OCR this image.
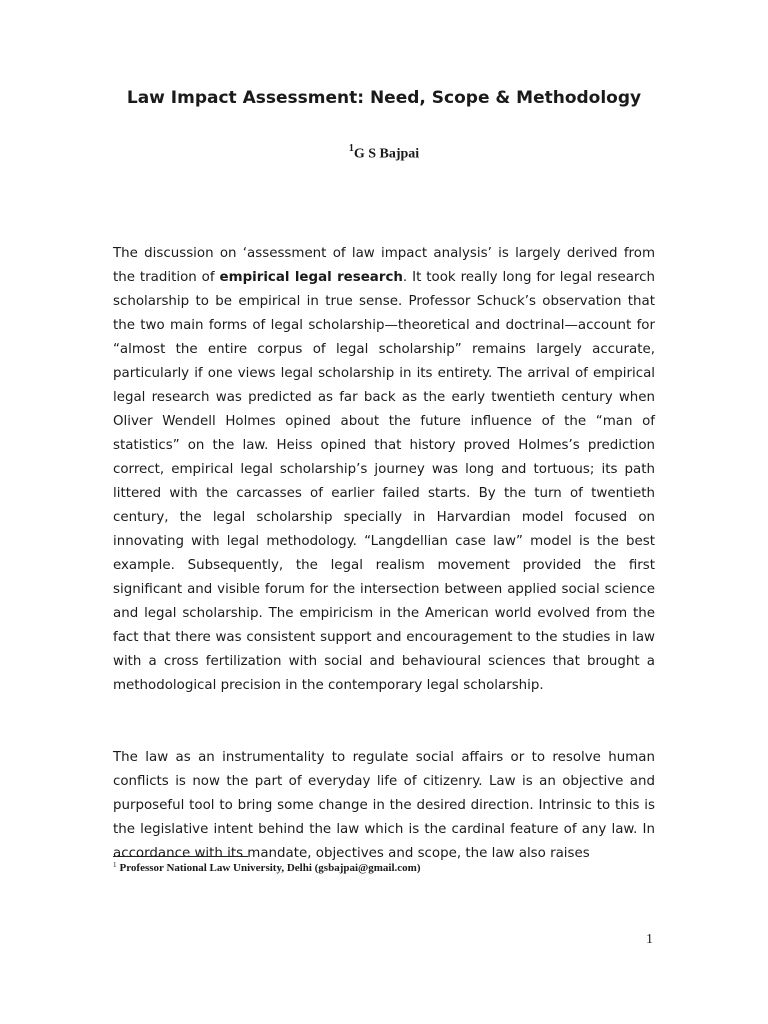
Law Impact Assessment: Need, Scope & Methodology
$^1$G S Bajpai

The discussion on ‘assessment of law impact analysis’ is largely derived from the tradition of empirical legal research. It took really long for legal research scholarship to be empirical in true sense. Professor Schuck’s observation that the two main forms of legal scholarship—theoretical and doctrinal—account for “almost the entire corpus of legal scholarship” remains largely accurate, particularly if one views legal scholarship in its entirety. The arrival of empirical legal research was predicted as far back as the early twentieth century when Oliver Wendell Holmes opined about the future influence of the “man of statistics” on the law. Heiss opined that history proved Holmes’s prediction correct, empirical legal scholarship’s journey was long and tortuous; its path littered with the carcasses of earlier failed starts. By the turn of twentieth century, the legal scholarship specially in Harvardian model focused on innovating with legal methodology. “Langdellian case law” model is the best example. Subsequently, the legal realism movement provided the first significant and visible forum for the intersection between applied social science and legal scholarship. The empiricism in the American world evolved from the fact that there was consistent support and encouragement to the studies in law with a cross fertilization with social and behavioural sciences that brought a methodological precision in the contemporary legal scholarship.

The law as an instrumentality to regulate social affairs or to resolve human conflicts is now the part of everyday life of citizenry. Law is an objective and purposeful tool to bring some change in the desired direction. Intrinsic to this is the legislative intent behind the law which is the cardinal feature of any law. In accordance with its mandate, objectives and scope, the law also raises

$^1$ Professor National Law University, Delhi (gsbajpai@gmail.com)
1
